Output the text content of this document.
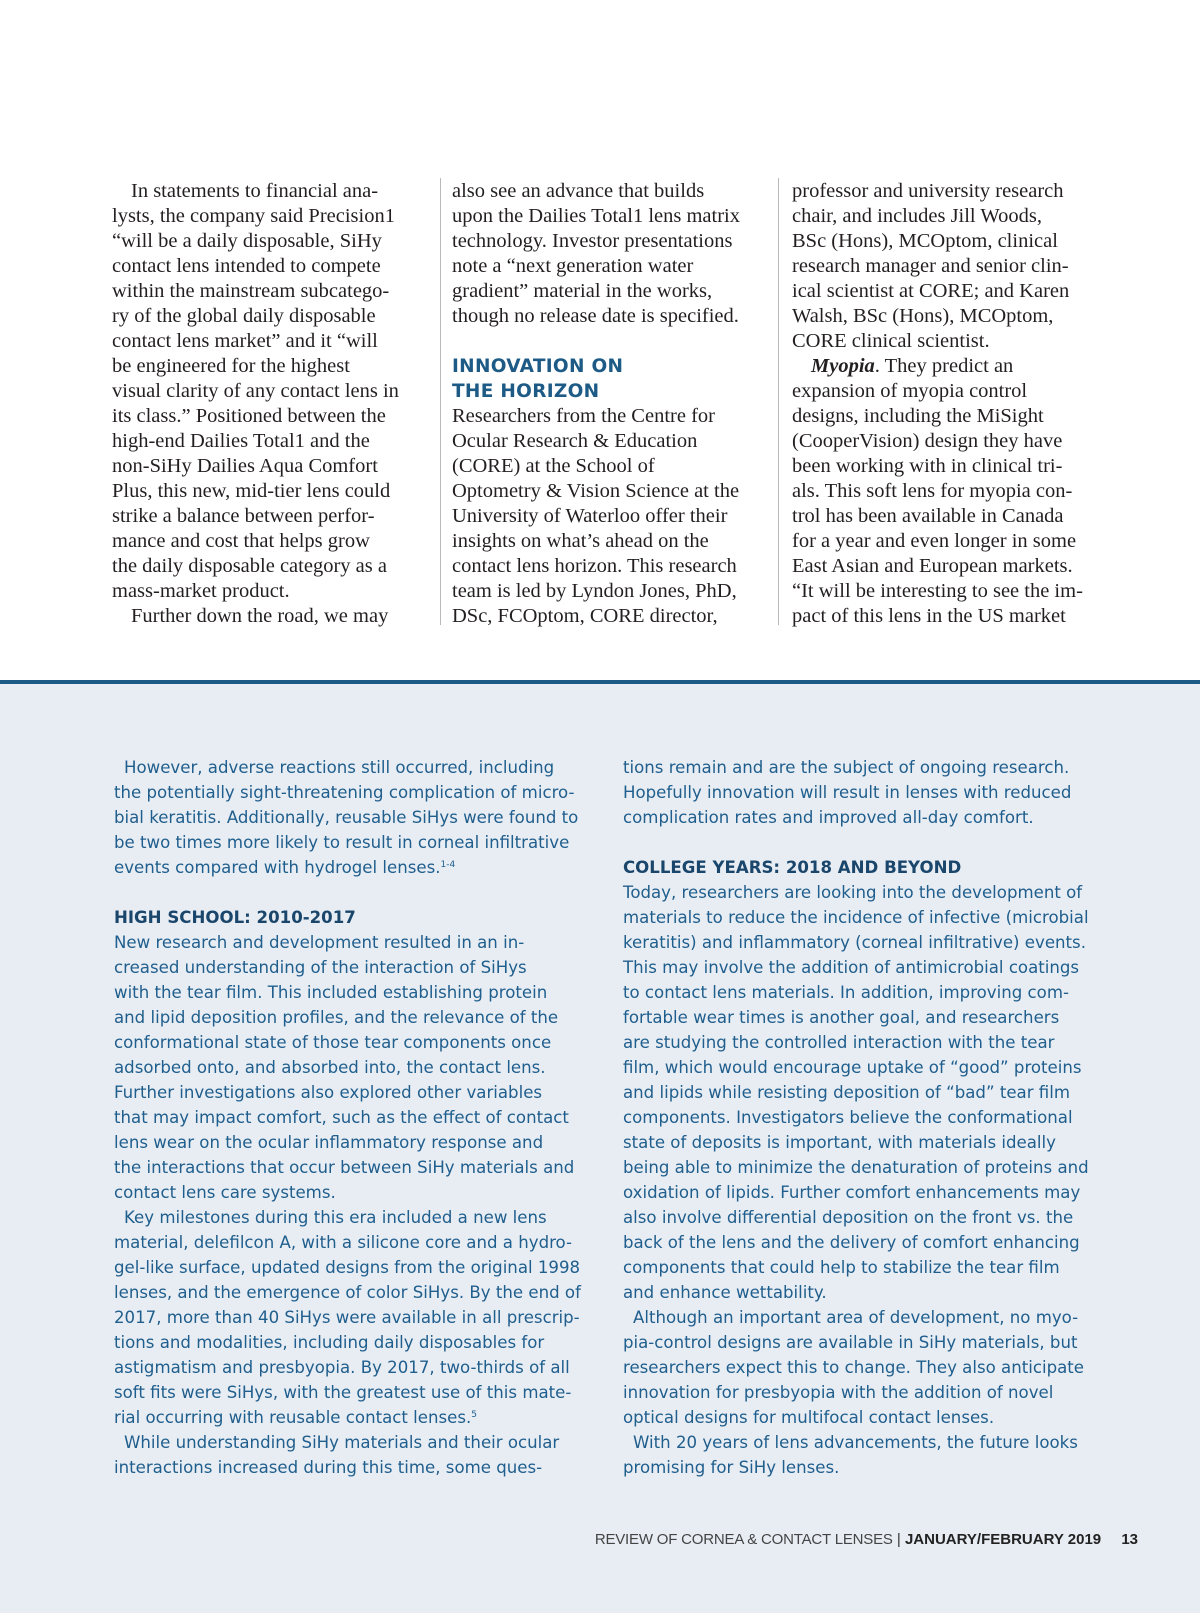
In statements to financial ana-

lysts, the company said Precision1

“will be a daily disposable, SiHy

contact lens intended to compete

within the mainstream subcatego-

ry of the global daily disposable

contact lens market” and it “will

be engineered for the highest

visual clarity of any contact lens in

its class.” Positioned between the

high-end Dailies Total1 and the

non-SiHy Dailies Aqua Comfort

Plus, this new, mid-tier lens could

strike a balance between perfor-

mance and cost that helps grow

the daily disposable category as a

mass-market product.

Further down the road, we may

also see an advance that builds

upon the Dailies Total1 lens matrix

technology. Investor presentations

note a “next generation water

gradient” material in the works,

though no release date is specified.

INNOVATION ON

THE HORIZON

Researchers from the Centre for

Ocular Research & Education

(CORE) at the School of

Optometry & Vision Science at the

University of Waterloo offer their

insights on what’s ahead on the

contact lens horizon. This research

team is led by Lyndon Jones, PhD,

DSc, FCOptom, CORE director,

professor and university research

chair, and includes Jill Woods,

BSc (Hons), MCOptom, clinical

research manager and senior clin-

ical scientist at CORE; and Karen

Walsh, BSc (Hons), MCOptom,

CORE clinical scientist.

Myopia. They predict an

expansion of myopia control

designs, including the MiSight

(CooperVision) design they have

been working with in clinical tri-

als. This soft lens for myopia con-

trol has been available in Canada

for a year and even longer in some

East Asian and European markets.

“It will be interesting to see the im-

pact of this lens in the US market

However, adverse reactions still occurred, including

the potentially sight-threatening complication of micro-

bial keratitis. Additionally, reusable SiHys were found to

be two times more likely to result in corneal infiltrative

events compared with hydrogel lenses.$^{1-4}$

HIGH SCHOOL: 2010-2017

New research and development resulted in an in-

creased understanding of the interaction of SiHys

with the tear film. This included establishing protein

and lipid deposition profiles, and the relevance of the

conformational state of those tear components once

adsorbed onto, and absorbed into, the contact lens.

Further investigations also explored other variables

that may impact comfort, such as the effect of contact

lens wear on the ocular inflammatory response and

the interactions that occur between SiHy materials and

contact lens care systems.

Key milestones during this era included a new lens

material, delefilcon A, with a silicone core and a hydro-

gel-like surface, updated designs from the original 1998

lenses, and the emergence of color SiHys. By the end of

2017, more than 40 SiHys were available in all prescrip-

tions and modalities, including daily disposables for

astigmatism and presbyopia. By 2017, two-thirds of all

soft fits were SiHys, with the greatest use of this mate-

rial occurring with reusable contact lenses.$^5$

While understanding SiHy materials and their ocular

interactions increased during this time, some ques-

tions remain and are the subject of ongoing research.

Hopefully innovation will result in lenses with reduced

complication rates and improved all-day comfort.

COLLEGE YEARS: 2018 AND BEYOND

Today, researchers are looking into the development of

materials to reduce the incidence of infective (microbial

keratitis) and inflammatory (corneal infiltrative) events.

This may involve the addition of antimicrobial coatings

to contact lens materials. In addition, improving com-

fortable wear times is another goal, and researchers

are studying the controlled interaction with the tear

film, which would encourage uptake of “good” proteins

and lipids while resisting deposition of “bad” tear film

components. Investigators believe the conformational

state of deposits is important, with materials ideally

being able to minimize the denaturation of proteins and

oxidation of lipids. Further comfort enhancements may

also involve differential deposition on the front vs. the

back of the lens and the delivery of comfort enhancing

components that could help to stabilize the tear film

and enhance wettability.

Although an important area of development, no myo-

pia-control designs are available in SiHy materials, but

researchers expect this to change. They also anticipate

innovation for presbyopia with the addition of novel

optical designs for multifocal contact lenses.

With 20 years of lens advancements, the future looks

promising for SiHy lenses.

REVIEW OF CORNEA & CONTACT LENSES | JANUARY/FEBRUARY 2019 13
